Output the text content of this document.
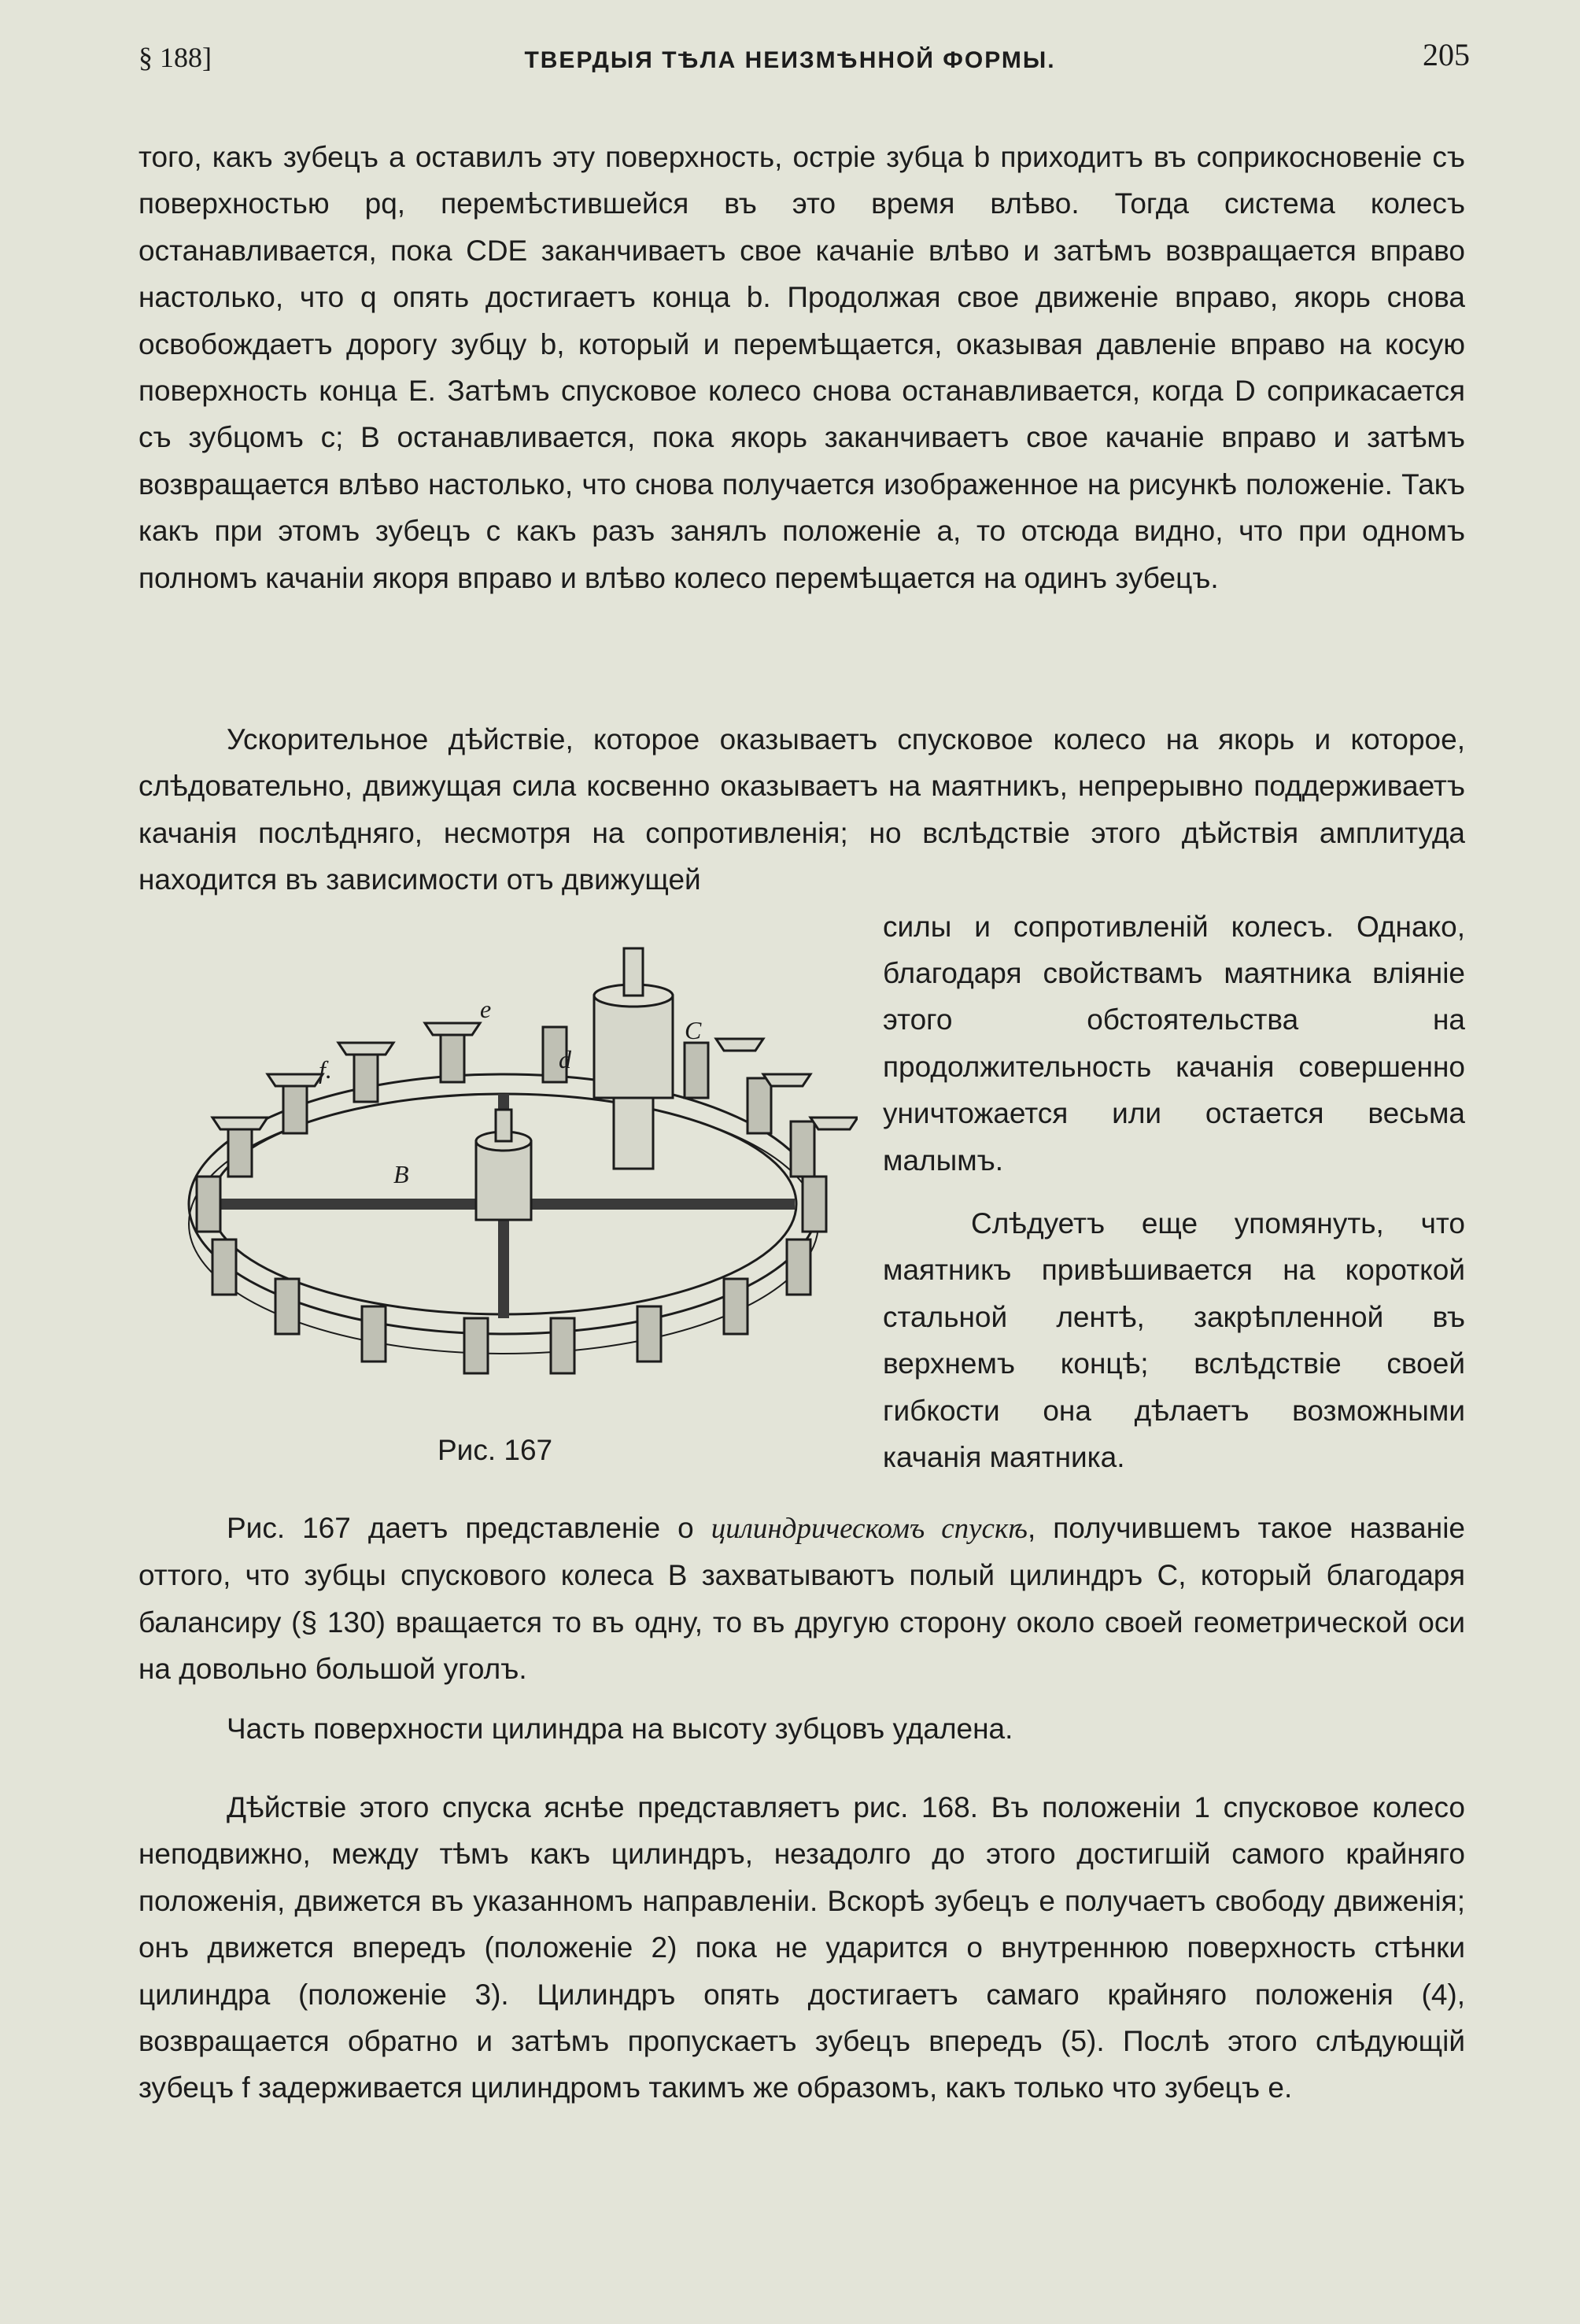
§ 188]	ТВЕРДЫЯ ТѢЛА НЕИЗМѢННОЙ ФОРМЫ.	205

того, какъ зубецъ a оставилъ эту поверхность, остріе зубца b приходитъ въ соприкосновеніе съ поверхностью pq, перемѣстившейся въ это время влѣво. Тогда система колесъ останавливается, пока CDE заканчиваетъ свое качаніе влѣво и затѣмъ возвращается вправо настолько, что q опять достигаетъ конца b. Продолжая свое движеніе вправо, якорь снова освобождаетъ дорогу зубцу b, который и перемѣщается, оказывая давленіе вправо на косую поверхность конца E. Затѣмъ спусковое колесо снова останавливается, когда D соприкасается съ зубцомъ c; B останавливается, пока якорь заканчиваетъ свое качаніе вправо и затѣмъ возвращается влѣво настолько, что снова получается изображенное на рисункѣ положеніе. Такъ какъ при этомъ зубецъ c какъ разъ занялъ положеніе a, то отсюда видно, что при одномъ полномъ качаніи якоря вправо и влѣво колесо перемѣщается на одинъ зубецъ.

Ускорительное дѣйствіе, которое оказываетъ спусковое колесо на якорь и которое, слѣдовательно, движущая сила косвенно оказываетъ на маятникъ, непрерывно поддерживаетъ качанія послѣдняго, несмотря на сопротивленія; но вслѣдствіе этого дѣйствія амплитуда находится въ зависимости отъ движущей

силы и сопротивленій колесъ. Однако, благодаря свойствамъ маятника вліяніе этого обстоятельства на продолжительность качанія совершенно уничтожается или остается весьма малымъ.

Слѣдуетъ еще упомянуть, что маятникъ привѣшивается на короткой стальной лентѣ, закрѣпленной въ верхнемъ концѣ; вслѣдствіе своей гибкости она дѣлаетъ возможными качанія маятника.

e
f.	d
C
B
Рис. 167

Рис. 167 даетъ представленіе о цилиндрическомъ спускѣ, получившемъ такое названіе оттого, что зубцы спускового колеса B захватываютъ полый цилиндръ C, который благодаря балансиру (§ 130) вращается то въ одну, то въ другую сторону около своей геометрической оси на довольно большой уголъ.

Часть поверхности цилиндра на высоту зубцовъ удалена.

Дѣйствіе этого спуска яснѣе представляетъ рис. 168. Въ положеніи 1 спусковое колесо неподвижно, между тѣмъ какъ цилиндръ, незадолго до этого достигшій самого крайняго положенія, движется въ указанномъ направленіи. Вскорѣ зубецъ e получаетъ свободу движенія; онъ движется впередъ (положеніе 2) пока не ударится о внутреннюю поверхность стѣнки цилиндра (положеніе 3). Цилиндръ опять достигаетъ самаго крайняго положенія (4), возвращается обратно и затѣмъ пропускаетъ зубецъ впередъ (5). Послѣ этого слѣдующій зубецъ f задерживается цилиндромъ такимъ же образомъ, какъ только что зубецъ e.
